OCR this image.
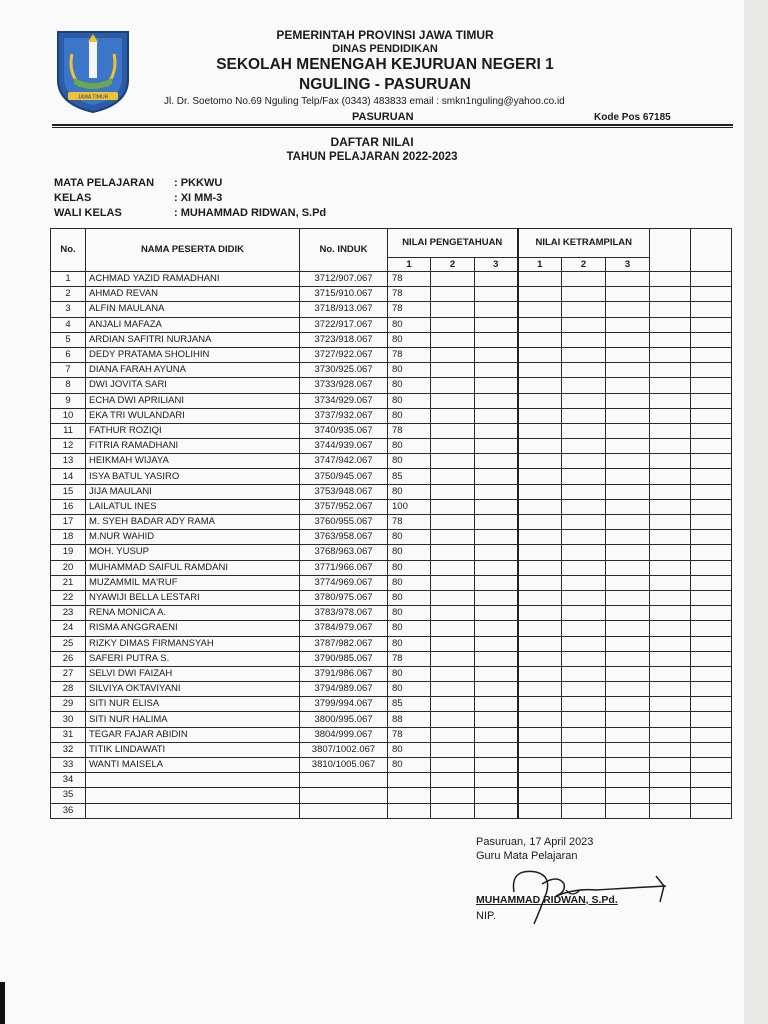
JAWA TIMUR
PEMERINTAH PROVINSI JAWA TIMUR
DINAS PENDIDIKAN
SEKOLAH MENENGAH KEJURUAN NEGERI 1
NGULING - PASURUAN
Jl. Dr. Soetomo No.69 Nguling Telp/Fax (0343) 483833 email : smkn1nguling@yahoo.co.id
PASURUAN	Kode Pos 67185
DAFTAR NILAI
TAHUN PELAJARAN 2022-2023
MATA PELAJARAN : PKKWU
KELAS	: XI MM-3
WALI KELAS	: MUHAMMAD RIDWAN, S.Pd
No.	NAMA PESERTA DIDIK	No. INDUK	NILAI PENGETAHUAN			NILAI KETRAMPILAN				
			1	2	3	1	2	3		
1	ACHMAD YAZID RAMADHANI	3712/907.067	78							
2	AHMAD REVAN	3715/910.067	78							
3	ALFIN MAULANA	3718/913.067	78							
4	ANJALI MAFAZA	3722/917.067	80							
5	ARDIAN SAFITRI NURJANA	3723/918.067	80							
6	DEDY PRATAMA SHOLIHIN	3727/922.067	78							
7	DIANA FARAH AYUNA	3730/925.067	80							
8	DWI JOVITA SARI	3733/928.067	80							
9	ECHA DWI APRILIANI	3734/929.067	80							
10	EKA TRI WULANDARI	3737/932.067	80							
11	FATHUR ROZIQI	3740/935.067	78							
12	FITRIA RAMADHANI	3744/939.067	80							
13	HEIKMAH WIJAYA	3747/942.067	80							
14	ISYA BATUL YASIRO	3750/945.067	85							
15	JIJA MAULANI	3753/948.067	80							
16	LAILATUL INES	3757/952.067	100							
17	M. SYEH BADAR ADY RAMA	3760/955.067	78							
18	M.NUR WAHID	3763/958.067	80							
19	MOH. YUSUP	3768/963.067	80							
20	MUHAMMAD SAIFUL RAMDANI	3771/966.067	80							
21	MUZAMMIL MA'RUF	3774/969.067	80							
22	NYAWIJI BELLA LESTARI	3780/975.067	80							
23	RENA MONICA A.	3783/978.067	80							
24	RISMA ANGGRAENI	3784/979.067	80							
25	RIZKY DIMAS FIRMANSYAH	3787/982.067	80							
26	SAFERI PUTRA S.	3790/985.067	78							
27	SELVI DWI FAIZAH	3791/986.067	80							
28	SILVIYA OKTAVIYANI	3794/989.067	80							
29	SITI NUR ELISA	3799/994.067	85							
30	SITI NUR HALIMA	3800/995.067	88							
31	TEGAR FAJAR ABIDIN	3804/999.067	78							
32	TITIK LINDAWATI	3807/1002.067	80							
33	WANTI MAISELA	3810/1005.067	80							
34										
35										
36										
Pasuruan, 17 April 2023
Guru Mata Pelajaran
MUHAMMAD RIDWAN, S.Pd.
NIP.
